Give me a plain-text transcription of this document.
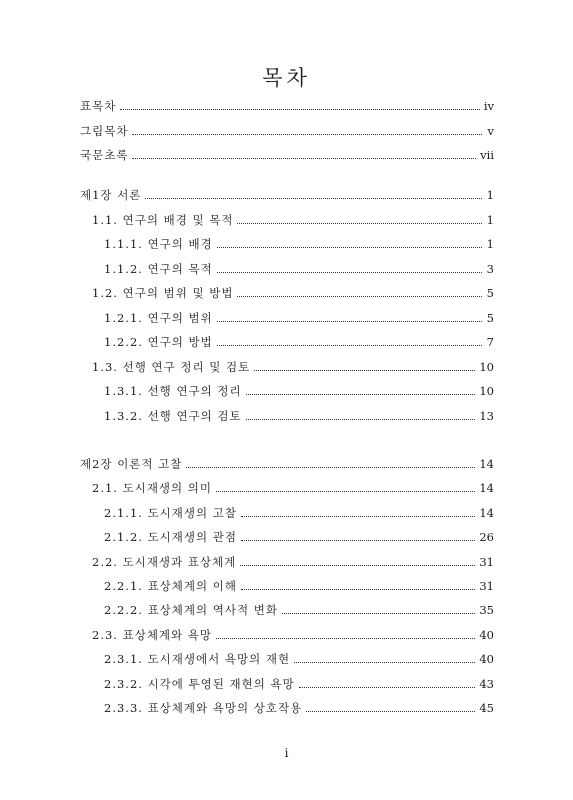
목차
표목차	ⅳ
그림목차	ⅴ
국문초록	ⅶ
제1장 서론	1
1.1. 연구의 배경 및 목적	1
1.1.1. 연구의 배경	1
1.1.2. 연구의 목적	3
1.2. 연구의 범위 및 방법	5
1.2.1. 연구의 범위	5
1.2.2. 연구의 방법	7
1.3. 선행 연구 정리 및 검토	10
1.3.1. 선행 연구의 정리	10
1.3.2. 선행 연구의 검토	13
제2장 이론적 고찰	14
2.1. 도시재생의 의미	14
2.1.1. 도시재생의 고찰	14
2.1.2. 도시재생의 관점	26
2.2. 도시재생과 표상체계	31
2.2.1. 표상체계의 이해	31
2.2.2. 표상체계의 역사적 변화	35
2.3. 표상체계와 욕망	40
2.3.1. 도시재생에서 욕망의 재현	40
2.3.2. 시각에 투영된 재현의 욕망	43
2.3.3. 표상체계와 욕망의 상호작용	45
i
